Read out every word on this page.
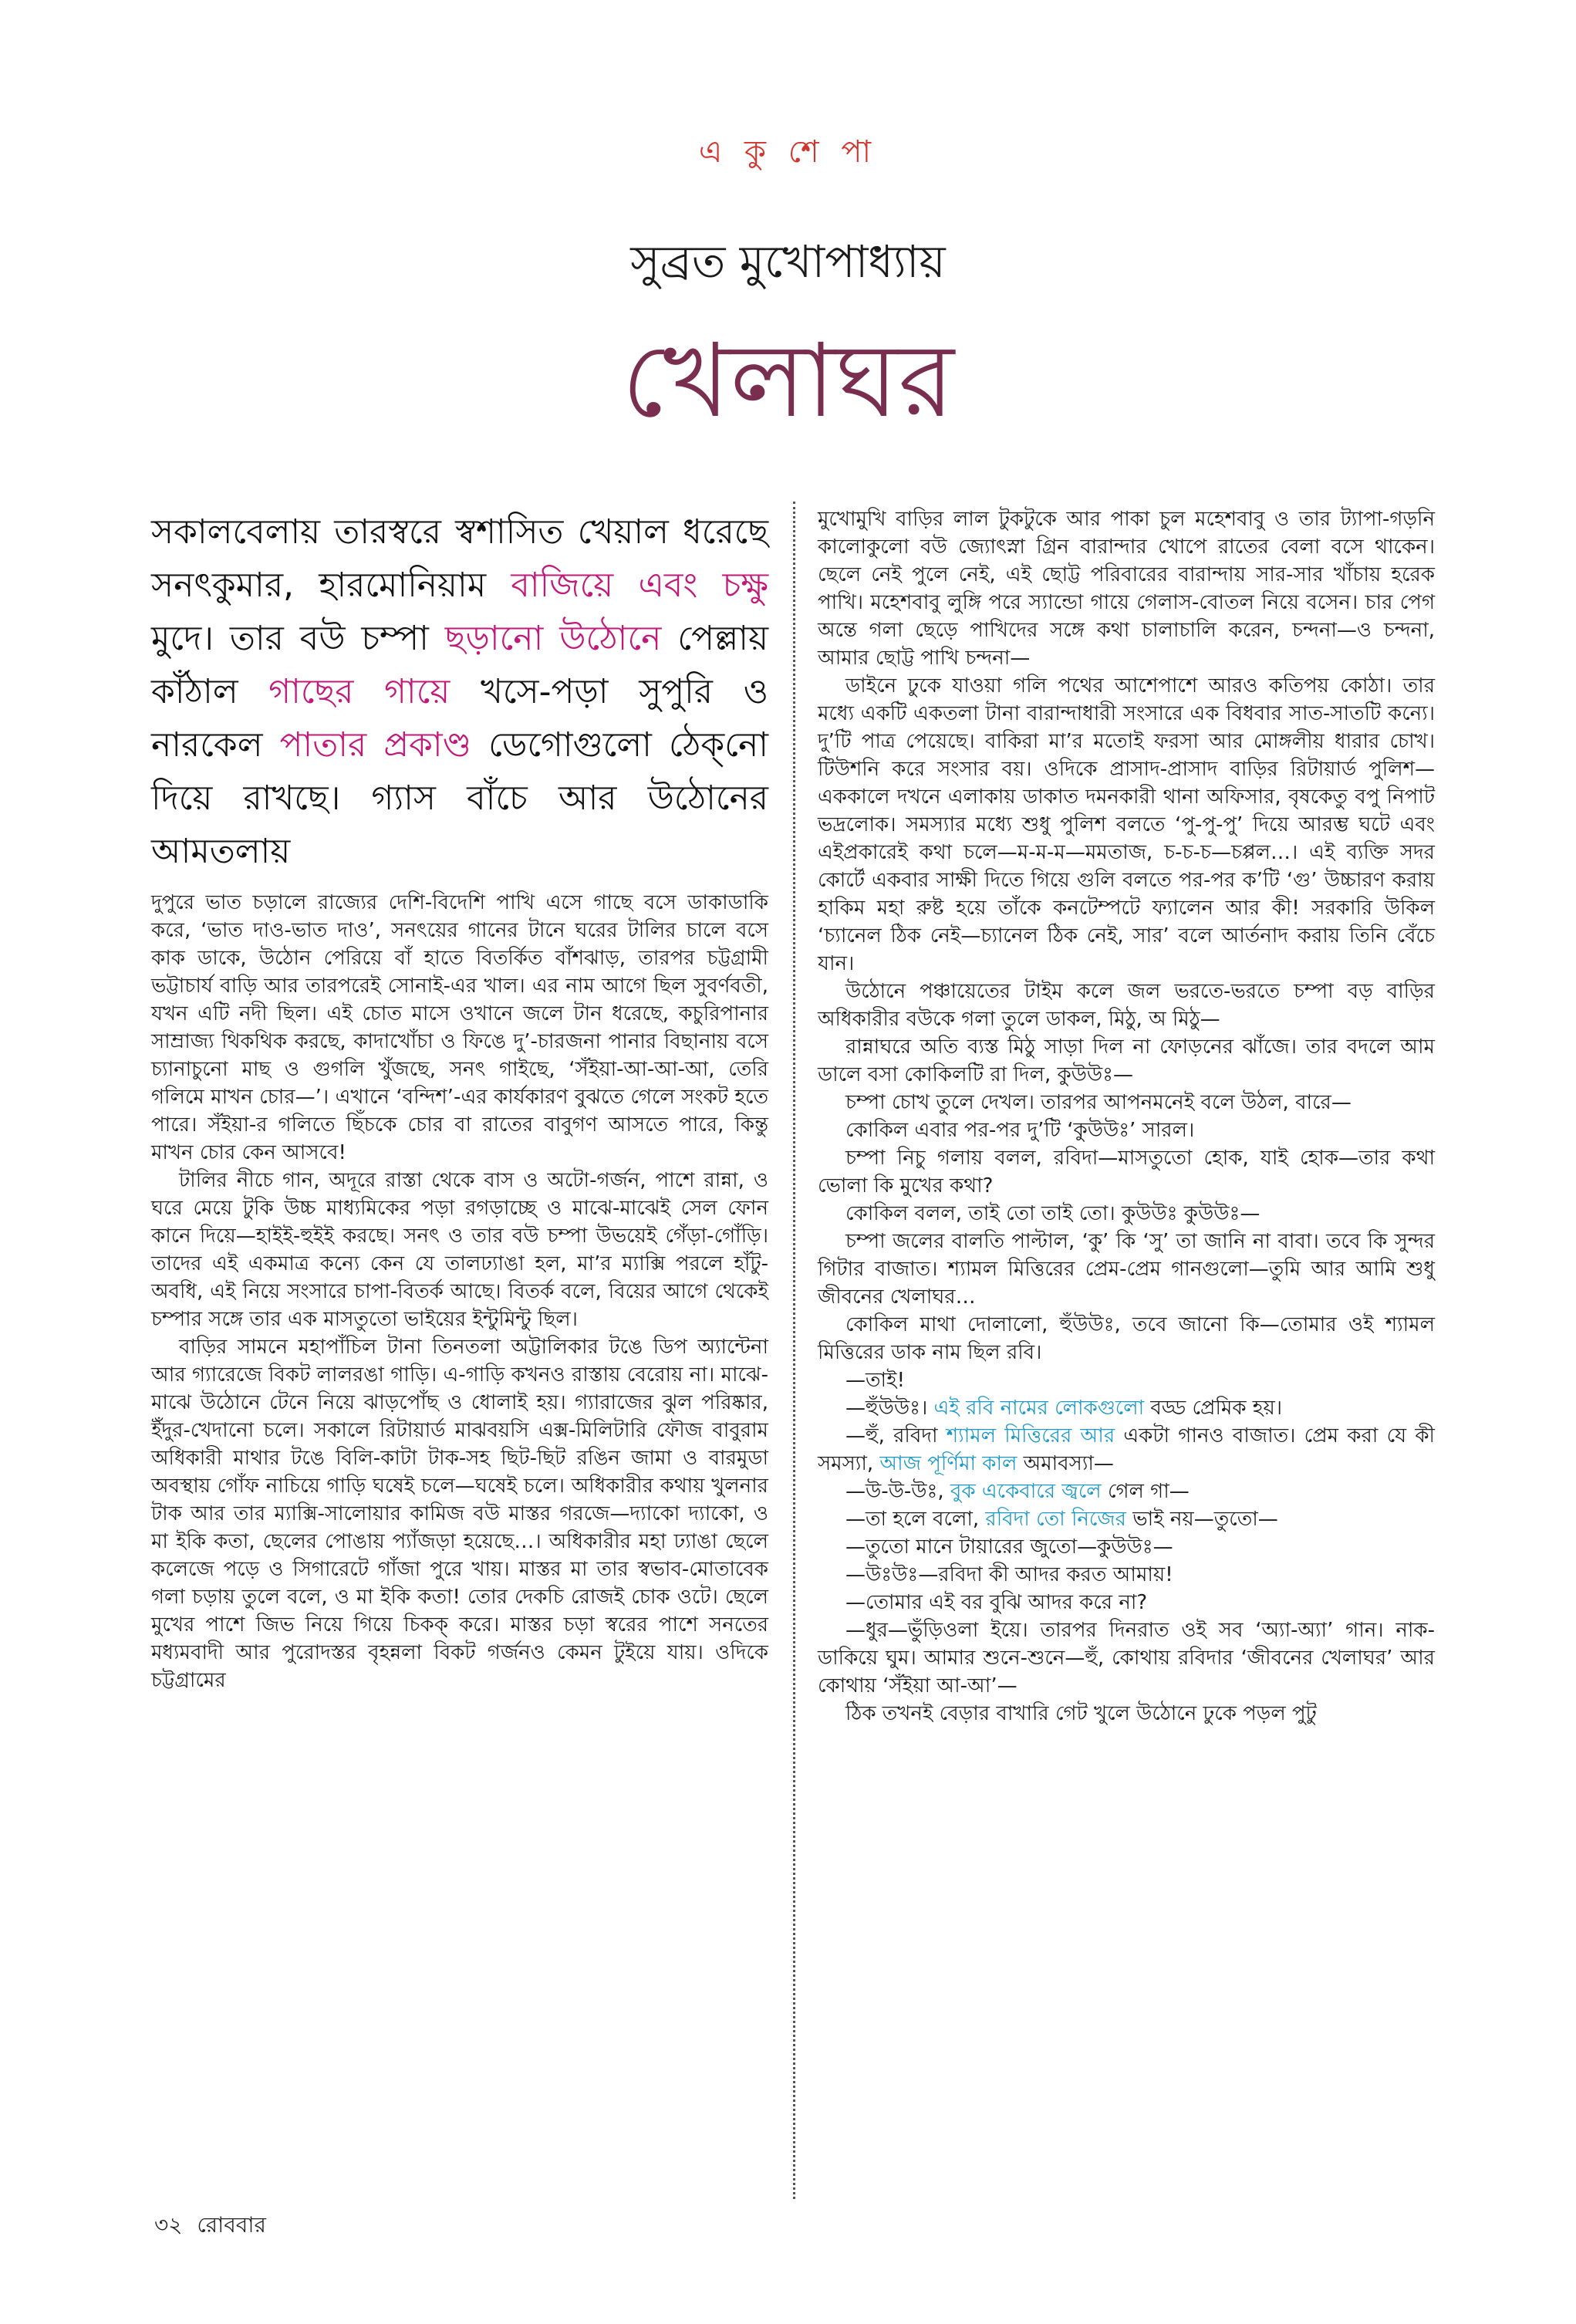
এ কু শে পা
সুব্রত মুখোপাধ্যায়
খেলাঘর

সকালবেলায় তারস্বরে স্বশাসিত খেয়াল ধরেছে সনৎকুমার, হারমোনিয়াম বাজিয়ে এবং চক্ষু মুদে। তার বউ চম্পা ছড়ানো উঠোনে পেল্লায় কাঁঠাল গাছের গায়ে খসে-পড়া সুপুরি ও নারকেল পাতার প্রকাণ্ড ডেগোগুলো ঠেক্‌নো দিয়ে রাখছে। গ্যাস বাঁচে আর উঠোনের আমতলায়

দুপুরে ভাত চড়ালে রাজ্যের দেশি-বিদেশি পাখি এসে গাছে বসে ডাকাডাকি করে, ‘ভাত দাও-ভাত দাও’, সনৎয়ের গানের টানে ঘরের টালির চালে বসে কাক ডাকে, উঠোন পেরিয়ে বাঁ হাতে বিতর্কিত বাঁশঝাড়, তারপর চট্টগ্রামী ভট্টাচার্য বাড়ি আর তারপরেই সোনাই-এর খাল। এর নাম আগে ছিল সুবর্ণবতী, যখন এটি নদী ছিল। এই চোত মাসে ওখানে জলে টান ধরেছে, কচুরিপানার সাম্রাজ্য থিকথিক করছে, কাদাখোঁচা ও ফিঙে দু’-চারজনা পানার বিছানায় বসে চ্যানাচুনো মাছ ও গুগলি খুঁজছে, সনৎ গাইছে, ‘সঁইয়া-আ-আ-আ, তেরি গলিমে মাখন চোর—’। এখানে ‘বন্দিশ’-এর কার্যকারণ বুঝতে গেলে সংকট হতে পারে। সঁইয়া-র গলিতে ছিঁচকে চোর বা রাতের বাবুগণ আসতে পারে, কিন্তু মাখন চোর কেন আসবে!

টালির নীচে গান, অদূরে রাস্তা থেকে বাস ও অটো-গর্জন, পাশে রান্না, ও ঘরে মেয়ে টুকি উচ্চ মাধ্যমিকের পড়া রগড়াচ্ছে ও মাঝে-মাঝেই সেল ফোন কানে দিয়ে—হাইই-হুইই করছে। সনৎ ও তার বউ চম্পা উভয়েই গেঁড়া-গোঁড়ি। তাদের এই একমাত্র কন্যে কেন যে তালঢ্যাঙা হল, মা’র ম্যাক্সি পরলে হাঁটু-অবধি, এই নিয়ে সংসারে চাপা-বিতর্ক আছে। বিতর্ক বলে, বিয়ের আগে থেকেই চম্পার সঙ্গে তার এক মাসতুতো ভাইয়ের ইন্টুমিন্টু ছিল।

বাড়ির সামনে মহাপাঁচিল টানা তিনতলা অট্টালিকার টঙে ডিপ অ্যান্টেনা আর গ্যারেজে বিকট লালরঙা গাড়ি। এ-গাড়ি কখনও রাস্তায় বেরোয় না। মাঝে-মাঝে উঠোনে টেনে নিয়ে ঝাড়পোঁছ ও ধোলাই হয়। গ্যারাজের ঝুল পরিষ্কার, ইঁদুর-খেদানো চলে। সকালে রিটায়ার্ড মাঝবয়সি এক্স-মিলিটারি ফৌজ বাবুরাম অধিকারী মাথার টঙে বিলি-কাটা টাক-সহ ছিট-ছিট রঙিন জামা ও বারমুডা অবস্থায় গোঁফ নাচিয়ে গাড়ি ঘষেই চলে—ঘষেই চলে। অধিকারীর কথায় খুলনার টাক আর তার ম্যাক্সি-সালোয়ার কামিজ বউ মাস্তর গরজে—দ্যাকো দ্যাকো, ও মা ইকি কতা, ছেলের পোঙায় প্যাঁজড়া হয়েছে…। অধিকারীর মহা ঢ্যাঙা ছেলে কলেজে পড়ে ও সিগারেটে গাঁজা পুরে খায়। মাস্তর মা তার স্বভাব-মোতাবেক গলা চড়ায় তুলে বলে, ও মা ইকি কতা! তোর দেকচি রোজই চোক ওটে। ছেলে মুখের পাশে জিভ নিয়ে গিয়ে চিকক্‌ করে। মাস্তর চড়া স্বরের পাশে সনতের মধ্যমবাদী আর পুরোদস্তর বৃহন্নলা বিকট গর্জনও কেমন টুইয়ে যায়। ওদিকে চট্টগ্রামের

মুখোমুখি বাড়ির লাল টুকটুকে আর পাকা চুল মহেশবাবু ও তার ট্যাপা-গড়নি কালোকুলো বউ জ্যোৎস্না গ্রিন বারান্দার খোপে রাতের বেলা বসে থাকেন। ছেলে নেই পুলে নেই, এই ছোট্ট পরিবারের বারান্দায় সার-সার খাঁচায় হরেক পাখি। মহেশবাবু লুঙ্গি পরে স্যান্ডো গায়ে গেলাস-বোতল নিয়ে বসেন। চার পেগ অন্তে গলা ছেড়ে পাখিদের সঙ্গে কথা চালাচালি করেন, চন্দনা—ও চন্দনা, আমার ছোট্ট পাখি চন্দনা—

ডাইনে ঢুকে যাওয়া গলি পথের আশেপাশে আরও কতিপয় কোঠা। তার মধ্যে একটি একতলা টানা বারান্দাধারী সংসারে এক বিধবার সাত-সাতটি কন্যে। দু’টি পাত্র পেয়েছে। বাকিরা মা’র মতোই ফরসা আর মোঙ্গলীয় ধারার চোখ। টিউশনি করে সংসার বয়। ওদিকে প্রাসাদ-প্রাসাদ বাড়ির রিটায়ার্ড পুলিশ—এককালে দখনে এলাকায় ডাকাত দমনকারী থানা অফিসার, বৃষকেতু বপু নিপাট ভদ্রলোক। সমস্যার মধ্যে শুধু পুলিশ বলতে ‘পু-পু-পু’ দিয়ে আরম্ভ ঘটে এবং এইপ্রকারেই কথা চলে—ম-ম-ম—মমতাজ, চ-চ-চ—চপ্পল…। এই ব্যক্তি সদর কোর্টে একবার সাক্ষী দিতে গিয়ে গুলি বলতে পর-পর ক’টি ‘গু’ উচ্চারণ করায় হাকিম মহা রুষ্ট হয়ে তাঁকে কনটেম্পটে ফ্যালেন আর কী! সরকারি উকিল ‘চ্যানেল ঠিক নেই—চ্যানেল ঠিক নেই, সার’ বলে আর্তনাদ করায় তিনি বেঁচে যান।

উঠোনে পঞ্চায়েতের টাইম কলে জল ভরতে-ভরতে চম্পা বড় বাড়ির অধিকারীর বউকে গলা তুলে ডাকল, মিঠু, অ মিঠু—

রান্নাঘরে অতি ব্যস্ত মিঠু সাড়া দিল না ফোড়নের ঝাঁজে। তার বদলে আম ডালে বসা কোকিলটি রা দিল, কুউউঃ—

চম্পা চোখ তুলে দেখল। তারপর আপনমনেই বলে উঠল, বারে—

কোকিল এবার পর-পর দু’টি ‘কুউউঃ’ সারল।

চম্পা নিচু গলায় বলল, রবিদা—মাসতুতো হোক, যাই হোক—তার কথা ভোলা কি মুখের কথা?

কোকিল বলল, তাই তো তাই তো। কুউউঃ কুউউঃ—

চম্পা জলের বালতি পাল্টাল, ‘কু’ কি ‘সু’ তা জানি না বাবা। তবে কি সুন্দর গিটার বাজাত। শ্যামল মিত্তিরের প্রেম-প্রেম গানগুলো—তুমি আর আমি শুধু জীবনের খেলাঘর…

কোকিল মাথা দোলালো, হুঁউউঃ, তবে জানো কি—তোমার ওই শ্যামল মিত্তিরের ডাক নাম ছিল রবি।

—তাই!

—হুঁউউঃ। এই রবি নামের লোকগুলো বড্ড প্রেমিক হয়।

—হুঁ, রবিদা শ্যামল মিত্তিরের আর একটা গানও বাজাত। প্রেম করা যে কী সমস্যা, আজ পূর্ণিমা কাল অমাবস্যা—

—উ-উ-উঃ, বুক একেবারে জ্বলে গেল গা—

—তা হলে বলো, রবিদা তো নিজের ভাই নয়—তুতো—

—তুতো মানে টায়ারের জুতো—কুউউঃ—

—উঃউঃ—রবিদা কী আদর করত আমায়!

—তোমার এই বর বুঝি আদর করে না?

—ধুর—ভুঁড়িওলা ইয়ে। তারপর দিনরাত ওই সব ‘অ্যা-অ্যা’ গান। নাক-ডাকিয়ে ঘুম। আমার শুনে-শুনে—হুঁ, কোথায় রবিদার ‘জীবনের খেলাঘর’ আর কোথায় ‘সঁইয়া আ-আ’—

ঠিক তখনই বেড়ার বাখারি গেট খুলে উঠোনে ঢুকে পড়ল পুটু

৩২ রোববার
